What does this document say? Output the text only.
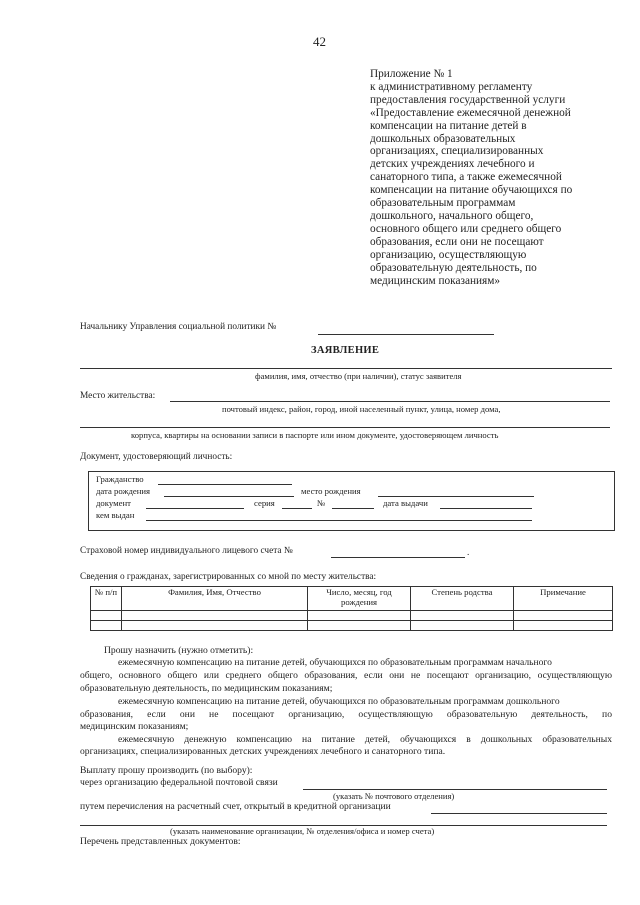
42
Приложение № 1
к административному регламенту
предоставления государственной услуги
«Предоставление ежемесячной денежной
компенсации на питание детей в
дошкольных образовательных
организациях, специализированных
детских учреждениях лечебного и
санаторного типа, а также ежемесячной
компенсации на питание обучающихся по
образовательным программам
дошкольного, начального общего,
основного общего или среднего общего
образования, если они не посещают
организацию, осуществляющую
образовательную деятельность, по
медицинским показаниям»
Начальнику Управления социальной политики №
ЗАЯВЛЕНИЕ
фамилия, имя, отчество (при наличии), статус заявителя
Место жительства:
почтовый индекс, район, город, иной населенный пункт, улица, номер дома,
корпуса, квартиры на основании записи в паспорте или ином документе, удостоверяющем личность
Документ, удостоверяющий личность:
Гражданство
дата рождения	место рождения
документ	серия	№	дата выдачи
кем выдан
Страховой номер индивидуального лицевого счета №	.
Сведения о гражданах, зарегистрированных со мной по месту жительства:
№ п/п	Фамилия, Имя, Отчество	Число, месяц, год рождения	Степень родства	Примечание

Прошу назначить (нужно отметить):
ежемесячную компенсацию на питание детей, обучающихся по образовательным программам начального
общего, основного общего или среднего общего образования, если они не посещают организацию, осуществляющую
образовательную деятельность, по медицинским показаниям;
ежемесячную компенсацию на питание детей, обучающихся по образовательным программам дошкольного
образования, если они не посещают организацию, осуществляющую образовательную деятельность, по
медицинским показаниям;
ежемесячную денежную компенсацию на питание детей, обучающихся в дошкольных образовательных
организациях, специализированных детских учреждениях лечебного и санаторного типа.
Выплату прошу производить (по выбору):
через организацию федеральной почтовой связи
(указать № почтового отделения)
путем перечисления на расчетный счет, открытый в кредитной организации
(указать наименование организации, № отделения/офиса и номер счета)
Перечень представленных документов:
